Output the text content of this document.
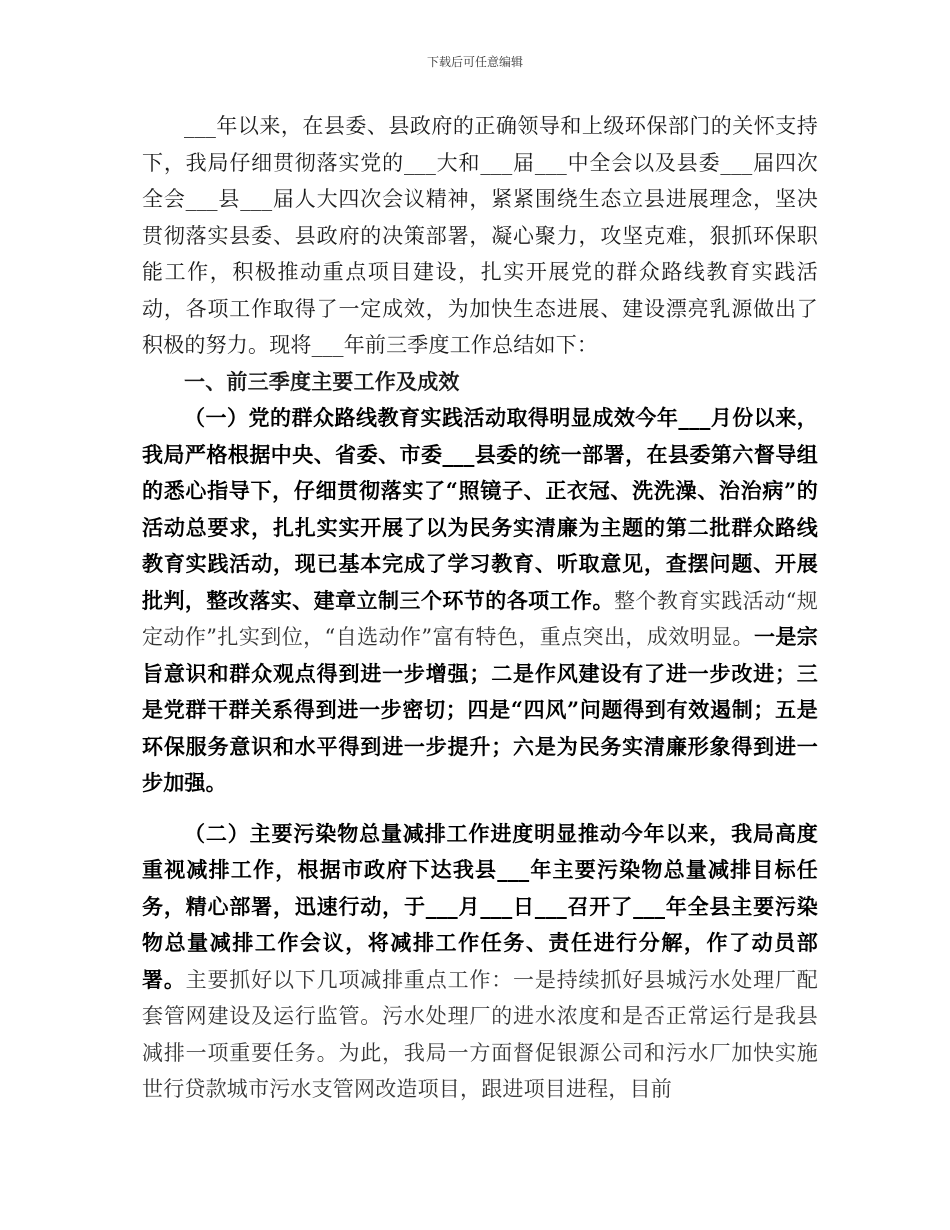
下载后可任意编辑

___年以来，在县委、县政府的正确领导和上级环保部门的关怀支持下，我局仔细贯彻落实党的___大和___届___中全会以及县委___届四次全会___县___届人大四次会议精神，紧紧围绕生态立县进展理念，坚决贯彻落实县委、县政府的决策部署，凝心聚力，攻坚克难，狠抓环保职能工作，积极推动重点项目建设，扎实开展党的群众路线教育实践活动，各项工作取得了一定成效，为加快生态进展、建设漂亮乳源做出了积极的努力。现将___年前三季度工作总结如下：

一、前三季度主要工作及成效

（一）党的群众路线教育实践活动取得明显成效今年___月份以来，我局严格根据中央、省委、市委___县委的统一部署，在县委第六督导组的悉心指导下，仔细贯彻落实了“照镜子、正衣冠、洗洗澡、治治病”的活动总要求，扎扎实实开展了以为民务实清廉为主题的第二批群众路线教育实践活动，现已基本完成了学习教育、听取意见，查摆问题、开展批判，整改落实、建章立制三个环节的各项工作。整个教育实践活动“规定动作”扎实到位，“自选动作”富有特色，重点突出，成效明显。一是宗旨意识和群众观点得到进一步增强；二是作风建设有了进一步改进；三是党群干群关系得到进一步密切；四是“四风”问题得到有效遏制；五是环保服务意识和水平得到进一步提升；六是为民务实清廉形象得到进一步加强。

（二）主要污染物总量减排工作进度明显推动今年以来，我局高度重视减排工作，根据市政府下达我县___年主要污染物总量减排目标任务，精心部署，迅速行动，于___月___日___召开了___年全县主要污染物总量减排工作会议，将减排工作任务、责任进行分解，作了动员部署。主要抓好以下几项减排重点工作：一是持续抓好县城污水处理厂配套管网建设及运行监管。污水处理厂的进水浓度和是否正常运行是我县减排一项重要任务。为此，我局一方面督促银源公司和污水厂加快实施世行贷款城市污水支管网改造项目，跟进项目进程，目前
